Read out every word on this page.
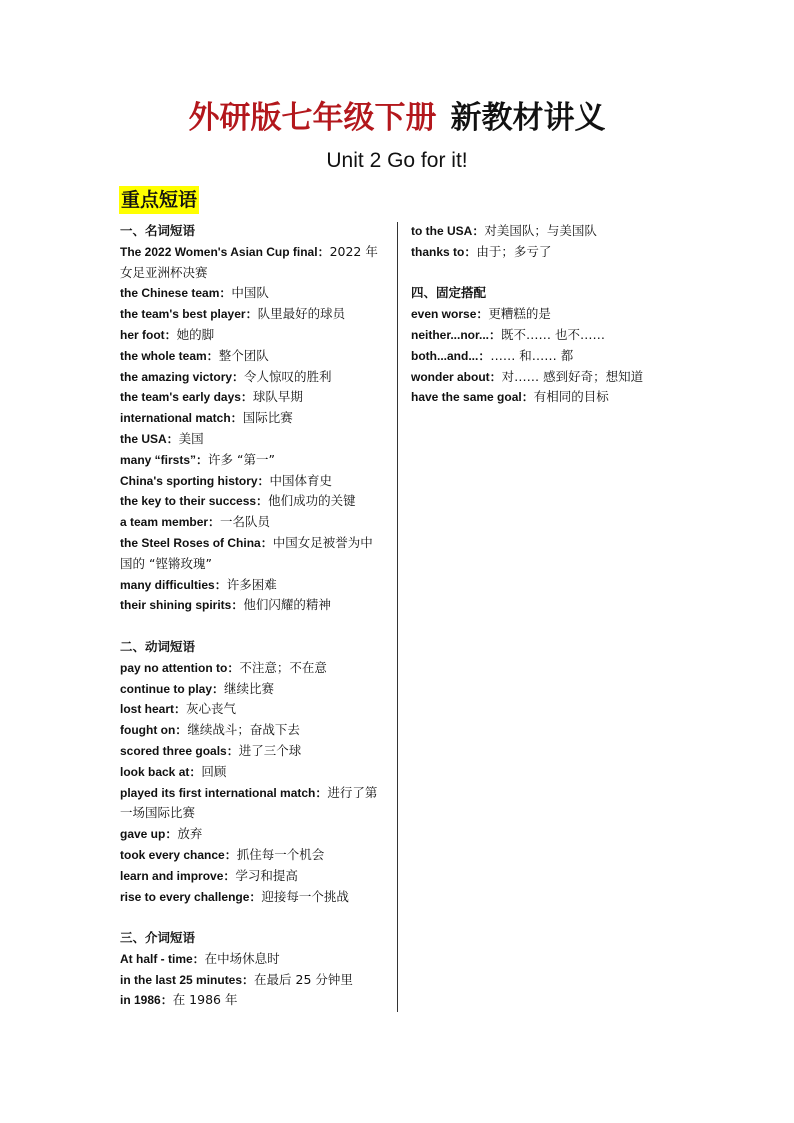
外研版七年级下册 新教材讲义
Unit 2 Go for it!
重点短语
一、名词短语
The 2022 Women's Asian Cup final：2022 年
女足亚洲杯决赛
the Chinese team：中国队
the team's best player：队里最好的球员
her foot：她的脚
the whole team：整个团队
the amazing victory：令人惊叹的胜利
the team's early days：球队早期
international match：国际比赛
the USA：美国
many “firsts”：许多 “第一”
China's sporting history：中国体育史
the key to their success：他们成功的关键
a team member：一名队员
the Steel Roses of China：中国女足被誉为中
国的 “铿锵玫瑰”
many difficulties：许多困难
their shining spirits：他们闪耀的精神
二、动词短语
pay no attention to：不注意；不在意
continue to play：继续比赛
lost heart：灰心丧气
fought on：继续战斗；奋战下去
scored three goals：进了三个球
look back at：回顾
played its first international match：进行了第
一场国际比赛
gave up：放弃
took every chance：抓住每一个机会
learn and improve：学习和提高
rise to every challenge：迎接每一个挑战
三、介词短语
At half - time：在中场休息时
in the last 25 minutes：在最后 25 分钟里
in 1986：在 1986 年
to the USA：对美国队；与美国队
thanks to：由于；多亏了
四、固定搭配
even worse：更糟糕的是
neither...nor...：既不…… 也不……
both...and...：…… 和…… 都
wonder about：对…… 感到好奇；想知道
have the same goal：有相同的目标
